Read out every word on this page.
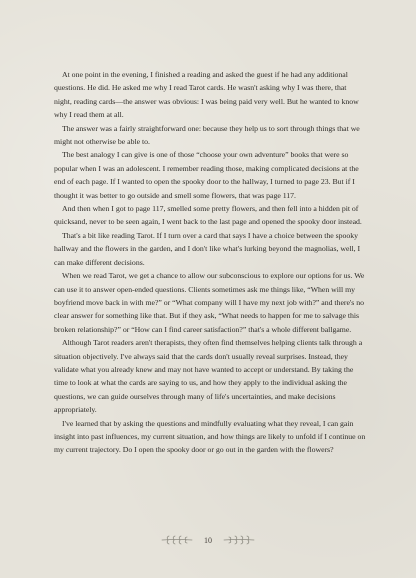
At one point in the evening, I finished a reading and asked the guest if he had any additional questions. He did. He asked me why I read Tarot cards. He wasn't asking why I was there, that night, reading cards—the answer was obvious: I was being paid very well. But he wanted to know why I read them at all.

The answer was a fairly straightforward one: because they help us to sort through things that we might not otherwise be able to.

The best analogy I can give is one of those “choose your own adventure” books that were so popular when I was an adolescent. I remember reading those, making complicated decisions at the end of each page. If I wanted to open the spooky door to the hallway, I turned to page 23. But if I thought it was better to go outside and smell some flowers, that was page 117.

And then when I got to page 117, smelled some pretty flowers, and then fell into a hidden pit of quicksand, never to be seen again, I went back to the last page and opened the spooky door instead.

That's a bit like reading Tarot. If I turn over a card that says I have a choice between the spooky hallway and the flowers in the garden, and I don't like what's lurking beyond the magnolias, well, I can make different decisions.

When we read Tarot, we get a chance to allow our subconscious to explore our options for us. We can use it to answer open-ended questions. Clients sometimes ask me things like, “When will my boyfriend move back in with me?” or “What company will I have my next job with?” and there's no clear answer for something like that. But if they ask, “What needs to happen for me to salvage this broken relationship?” or “How can I find career satisfaction?” that's a whole different ballgame.

Although Tarot readers aren't therapists, they often find themselves helping clients talk through a situation objectively. I've always said that the cards don't usually reveal surprises. Instead, they validate what you already knew and may not have wanted to accept or understand. By taking the time to look at what the cards are saying to us, and how they apply to the individual asking the questions, we can guide ourselves through many of life's uncertainties, and make decisions appropriately.

I've learned that by asking the questions and mindfully evaluating what they reveal, I can gain insight into past influences, my current situation, and how things are likely to unfold if I continue on my current trajectory. Do I open the spooky door or go out in the garden with the flowers?

10
